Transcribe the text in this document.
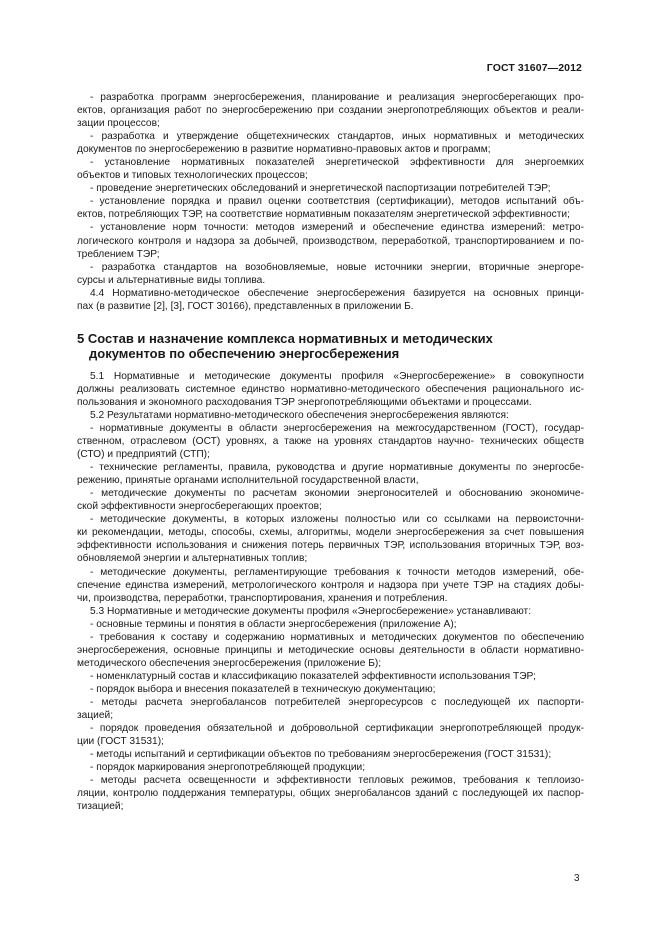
ГОСТ 31607—2012
- разработка программ энергосбережения, планирование и реализация энергосберегающих про-
ектов, организация работ по энергосбережению при создании энергопотребляющих объектов и реали-
зации процессов;
- разработка и утверждение общетехнических стандартов, иных нормативных и методических
документов по энергосбережению в развитие нормативно-правовых актов и программ;
- установление нормативных показателей энергетической эффективности для энергоемких
объектов и типовых технологических процессов;
- проведение энергетических обследований и энергетической паспортизации потребителей ТЭР;
- установление порядка и правил оценки соответствия (сертификации), методов испытаний объ-
ектов, потребляющих ТЭР, на соответствие нормативным показателям энергетической эффективности;
- установление норм точности: методов измерений и обеспечение единства измерений: метро-
логического контроля и надзора за добычей, производством, переработкой, транспортированием и по-
треблением ТЭР;
- разработка стандартов на возобновляемые, новые источники энергии, вторичные энергоре-
сурсы и альтернативные виды топлива.
4.4 Нормативно-методическое обеспечение энергосбережения базируется на основных принци-
пах (в развитие [2], [3], ГОСТ 30166), представленных в приложении Б.
5 Состав и назначение комплекса нормативных и методических
документов по обеспечению энергосбережения
5.1 Нормативные и методические документы профиля «Энергосбережение» в совокупности
должны реализовать системное единство нормативно-методического обеспечения рационального ис-
пользования и экономного расходования ТЭР энергопотребляющими объектами и процессами.
5.2 Результатами нормативно-методического обеспечения энергосбережения являются:
- нормативные документы в области энергосбережения на межгосударственном (ГОСТ), государ-
ственном, отраслевом (ОСТ) уровнях, а также на уровнях стандартов научно- технических обществ
(СТО) и предприятий (СТП);
- технические регламенты, правила, руководства и другие нормативные документы по энергосбе-
режению, принятые органами исполнительной государственной власти,
- методические документы по расчетам экономии энергоносителей и обоснованию экономиче-
ской эффективности энергосберегающих проектов;
- методические документы, в которых изложены полностью или со ссылками на первоисточни-
ки рекомендации, методы, способы, схемы, алгоритмы, модели энергосбережения за счет повышения
эффективности использования и снижения потерь первичных ТЭР, использования вторичных ТЭР, воз-
обновляемой энергии и альтернативных топлив;
- методические документы, регламентирующие требования к точности методов измерений, обе-
спечение единства измерений, метрологического контроля и надзора при учете ТЭР на стадиях добы-
чи, производства, переработки, транспортирования, хранения и потребления.
5.3 Нормативные и методические документы профиля «Энергосбережение» устанавливают:
- основные термины и понятия в области энергосбережения (приложение А);
- требования к составу и содержанию нормативных и методических документов по обеспечению
энергосбережения, основные принципы и методические основы деятельности в области нормативно-
методического обеспечения энергосбережения (приложение Б);
- номенклатурный состав и классификацию показателей эффективности использования ТЭР;
- порядок выбора и внесения показателей в техническую документацию;
- методы расчета энергобалансов потребителей энергоресурсов с последующей их паспорти-
зацией;
- порядок проведения обязательной и добровольной сертификации энергопотребляющей продук-
ции (ГОСТ 31531);
- методы испытаний и сертификации объектов по требованиям энергосбережения (ГОСТ 31531);
- порядок маркирования энергопотребляющей продукции;
- методы расчета освещенности и эффективности тепловых режимов, требования к теплоизо-
ляции, контролю поддержания температуры, общих энергобалансов зданий с последующей их паспор-
тизацией;
3
